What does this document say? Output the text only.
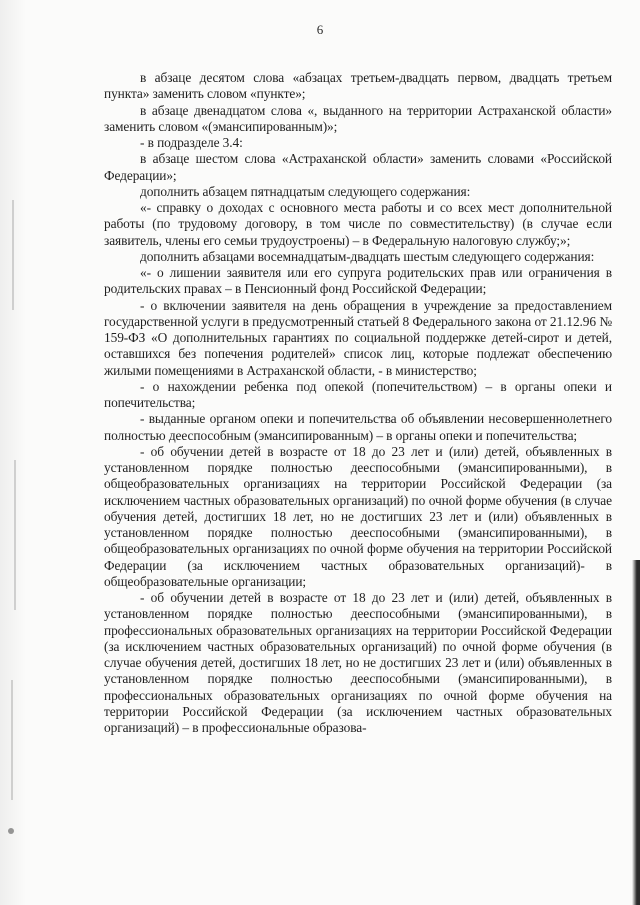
6

в абзаце десятом слова «абзацах третьем-двадцать первом, двадцать третьем пункта» заменить словом «пункте»;

в абзаце двенадцатом слова «, выданного на территории Астраханской области» заменить словом «(эмансипированным)»;

- в подразделе 3.4:

в абзаце шестом слова «Астраханской области» заменить словами «Российской Федерации»;

дополнить абзацем пятнадцатым следующего содержания:

«- справку о доходах с основного места работы и со всех мест дополнительной работы (по трудовому договору, в том числе по совместительству) (в случае если заявитель, члены его семьи трудоустроены) – в Федеральную налоговую службу;»;

дополнить абзацами восемнадцатым-двадцать шестым следующего содержания:

«- о лишении заявителя или его супруга родительских прав или ограничения в родительских правах – в Пенсионный фонд Российской Федерации;

- о включении заявителя на день обращения в учреждение за предоставлением государственной услуги в предусмотренный статьей 8 Федерального закона от 21.12.96 № 159-ФЗ «О дополнительных гарантиях по социальной поддержке детей-сирот и детей, оставшихся без попечения родителей» список лиц, которые подлежат обеспечению жилыми помещениями в Астраханской области, - в министерство;

- о нахождении ребенка под опекой (попечительством) – в органы опеки и попечительства;

- выданные органом опеки и попечительства об объявлении несовершеннолетнего полностью дееспособным (эмансипированным) – в органы опеки и попечительства;

- об обучении детей в возрасте от 18 до 23 лет и (или) детей, объявленных в установленном порядке полностью дееспособными (эмансипированными), в общеобразовательных организациях на территории Российской Федерации (за исключением частных образовательных организаций) по очной форме обучения (в случае обучения детей, достигших 18 лет, но не достигших 23 лет и (или) объявленных в установленном порядке полностью дееспособными (эмансипированными), в общеобразовательных организациях по очной форме обучения на территории Российской Федерации (за исключением частных образовательных организаций)- в общеобразовательные организации;

- об обучении детей в возрасте от 18 до 23 лет и (или) детей, объявленных в установленном порядке полностью дееспособными (эмансипированными), в профессиональных образовательных организациях на территории Российской Федерации (за исключением частных образовательных организаций) по очной форме обучения (в случае обучения детей, достигших 18 лет, но не достигших 23 лет и (или) объявленных в установленном порядке полностью дееспособными (эмансипированными), в профессиональных образовательных организациях по очной форме обучения на территории Российской Федерации (за исключением частных образовательных организаций) – в профессиональные образова-
